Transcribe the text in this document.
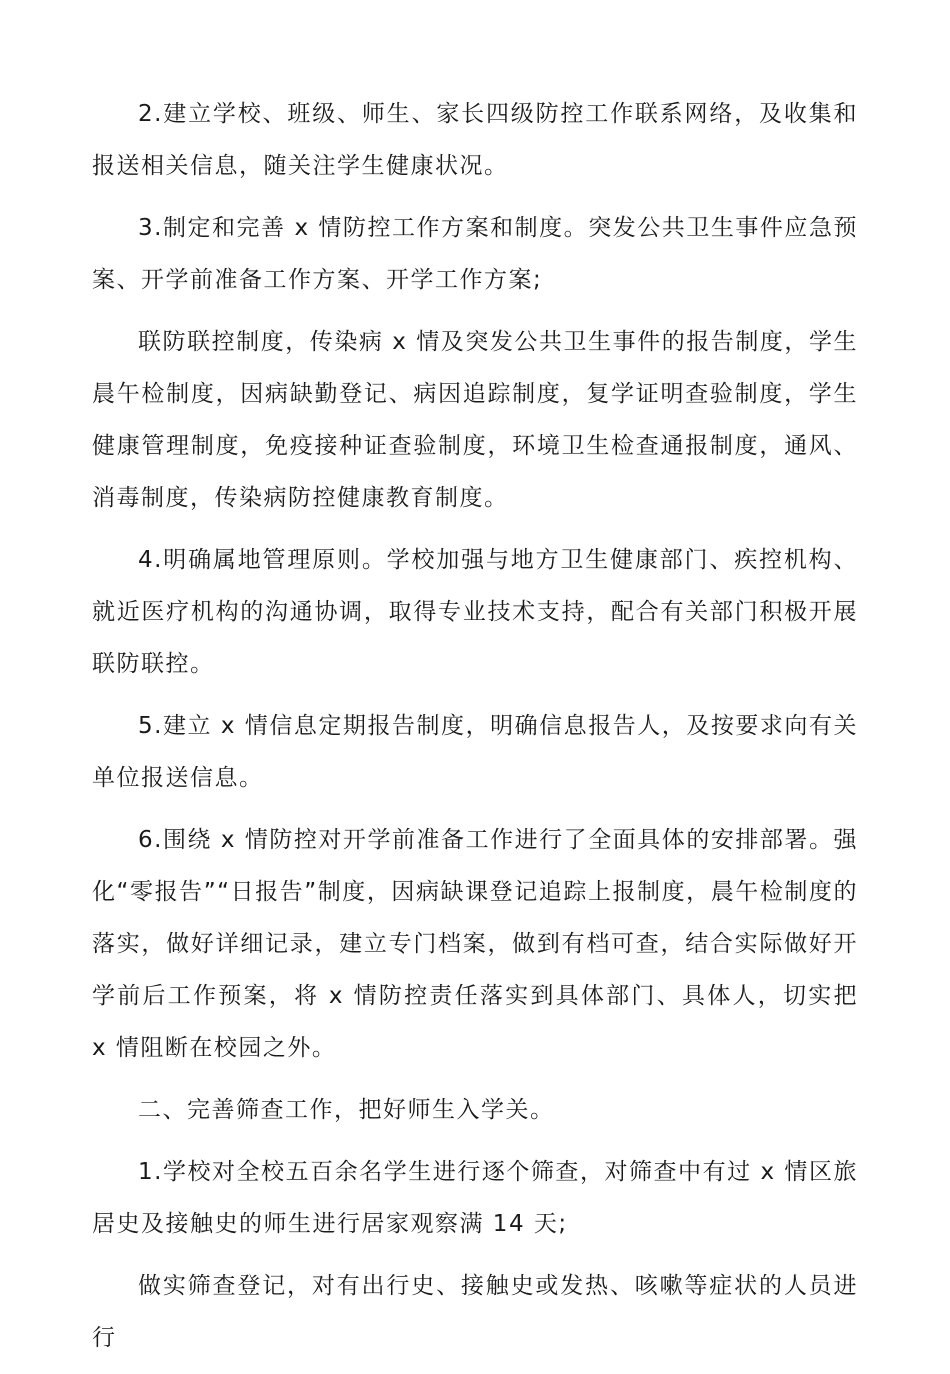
2.建立学校、班级、师生、家长四级防控工作联系网络，及收集和报送相关信息，随关注学生健康状况。

3.制定和完善 x 情防控工作方案和制度。突发公共卫生事件应急预案、开学前准备工作方案、开学工作方案;

联防联控制度，传染病 x 情及突发公共卫生事件的报告制度，学生晨午检制度，因病缺勤登记、病因追踪制度，复学证明查验制度，学生健康管理制度，免疫接种证查验制度，环境卫生检查通报制度，通风、消毒制度，传染病防控健康教育制度。

4.明确属地管理原则。学校加强与地方卫生健康部门、疾控机构、就近医疗机构的沟通协调，取得专业技术支持，配合有关部门积极开展联防联控。

5.建立 x 情信息定期报告制度，明确信息报告人，及按要求向有关单位报送信息。

6.围绕 x 情防控对开学前准备工作进行了全面具体的安排部署。强化“零报告”“日报告”制度，因病缺课登记追踪上报制度，晨午检制度的落实，做好详细记录，建立专门档案，做到有档可查，结合实际做好开学前后工作预案，将 x 情防控责任落实到具体部门、具体人，切实把 x 情阻断在校园之外。

二、完善筛查工作，把好师生入学关。

1.学校对全校五百余名学生进行逐个筛查，对筛查中有过 x 情区旅居史及接触史的师生进行居家观察满 14 天;

做实筛查登记，对有出行史、接触史或发热、咳嗽等症状的人员进行
